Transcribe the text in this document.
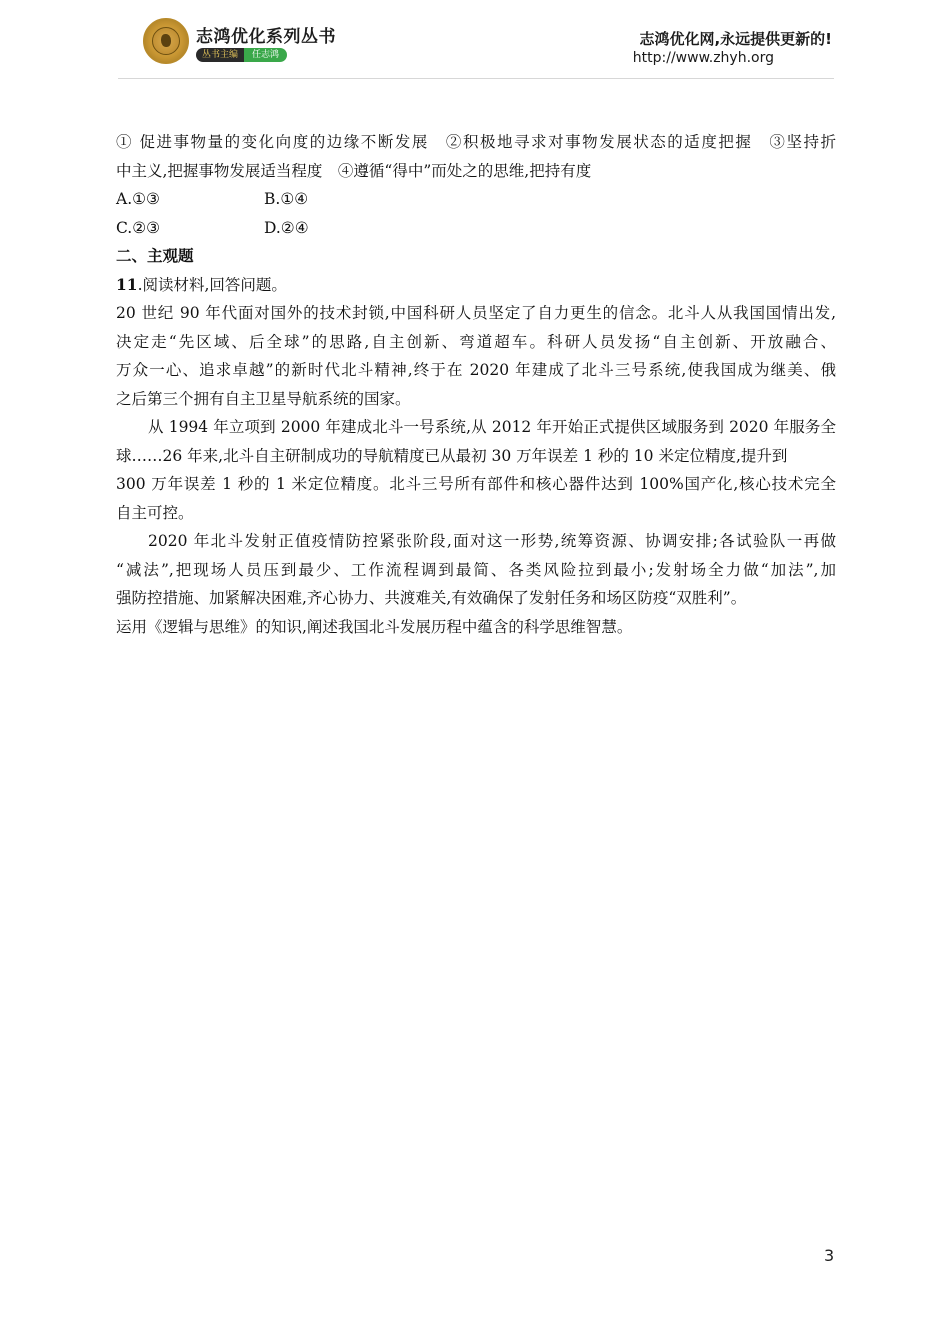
志鸿优化系列丛书
丛书主编	任志鸿
志鸿优化网,永远提供更新的!
http://www.zhyh.org
① 促进事物量的变化向度的边缘不断发展　②积极地寻求对事物发展状态的适度把握　③坚持折
中主义,把握事物发展适当程度　④遵循“得中”而处之的思维,把持有度
A.①③	B.①④
C.②③	D.②④
二、主观题
11.阅读材料,回答问题。
20 世纪 90 年代面对国外的技术封锁,中国科研人员坚定了自力更生的信念。北斗人从我国国情出发,
决定走“先区域、后全球”的思路,自主创新、弯道超车。科研人员发扬“自主创新、开放融合、
万众一心、追求卓越”的新时代北斗精神,终于在 2020 年建成了北斗三号系统,使我国成为继美、俄
之后第三个拥有自主卫星导航系统的国家。
从 1994 年立项到 2000 年建成北斗一号系统,从 2012 年开始正式提供区域服务到 2020 年服务全
球……26 年来,北斗自主研制成功的导航精度已从最初 30 万年误差 1 秒的 10 米定位精度,提升到
300 万年误差 1 秒的 1 米定位精度。北斗三号所有部件和核心器件达到 100%国产化,核心技术完全
自主可控。
2020 年北斗发射正值疫情防控紧张阶段,面对这一形势,统筹资源、协调安排;各试验队一再做
“减法”,把现场人员压到最少、工作流程调到最简、各类风险拉到最小;发射场全力做“加法”,加
强防控措施、加紧解决困难,齐心协力、共渡难关,有效确保了发射任务和场区防疫“双胜利”。
运用《逻辑与思维》的知识,阐述我国北斗发展历程中蕴含的科学思维智慧。
3
